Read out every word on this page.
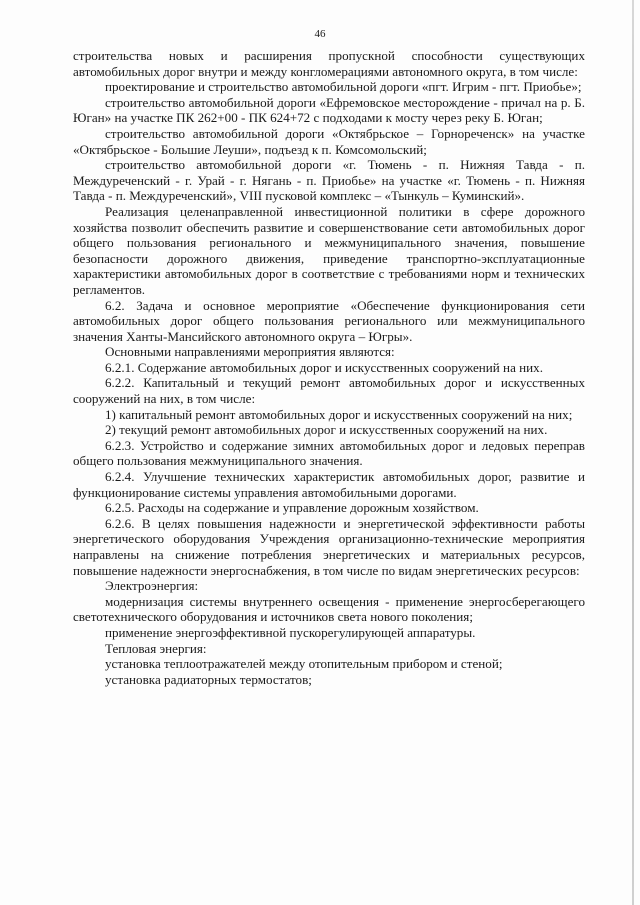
46

строительства новых и расширения пропускной способности существующих автомобильных дорог внутри и между конгломерациями автономного округа, в том числе:

проектирование и строительство автомобильной дороги «пгт. Игрим - пгт. Приобье»;

строительство автомобильной дороги «Ефремовское месторождение - причал на р. Б. Юган» на участке ПК 262+00 - ПК 624+72 с подходами к мосту через реку Б. Юган;

строительство автомобильной дороги «Октябрьское – Горнореченск» на участке «Октябрьское - Большие Леуши», подъезд к п. Комсомольский;

строительство автомобильной дороги «г. Тюмень - п. Нижняя Тавда - п. Междуреченский - г. Урай - г. Нягань - п. Приобье» на участке «г. Тюмень - п. Нижняя Тавда - п. Междуреченский», VIII пусковой комплекс – «Тынкуль – Куминский».

Реализация целенаправленной инвестиционной политики в сфере дорожного хозяйства позволит обеспечить развитие и совершенствование сети автомобильных дорог общего пользования регионального и межмуниципального значения, повышение безопасности дорожного движения, приведение транспортно-эксплуатационные характеристики автомобильных дорог в соответствие с требованиями норм и технических регламентов.

6.2. Задача и основное мероприятие «Обеспечение функционирования сети автомобильных дорог общего пользования регионального или межмуниципального значения Ханты-Мансийского автономного округа – Югры».

Основными направлениями мероприятия являются:

6.2.1. Содержание автомобильных дорог и искусственных сооружений на них.

6.2.2. Капитальный и текущий ремонт автомобильных дорог и искусственных сооружений на них, в том числе:

1) капитальный ремонт автомобильных дорог и искусственных сооружений на них;

2) текущий ремонт автомобильных дорог и искусственных сооружений на них.

6.2.3. Устройство и содержание зимних автомобильных дорог и ледовых переправ общего пользования межмуниципального значения.

6.2.4. Улучшение технических характеристик автомобильных дорог, развитие и функционирование системы управления автомобильными дорогами.

6.2.5. Расходы на содержание и управление дорожным хозяйством.

6.2.6. В целях повышения надежности и энергетической эффективности работы энергетического оборудования Учреждения организационно-технические мероприятия направлены на снижение потребления энергетических и материальных ресурсов, повышение надежности энергоснабжения, в том числе по видам энергетических ресурсов:

Электроэнергия:

модернизация системы внутреннего освещения - применение энергосберегающего светотехнического оборудования и источников света нового поколения;

применение энергоэффективной пускорегулирующей аппаратуры.

Тепловая энергия:

установка теплоотражателей между отопительным прибором и стеной;

установка радиаторных термостатов;
